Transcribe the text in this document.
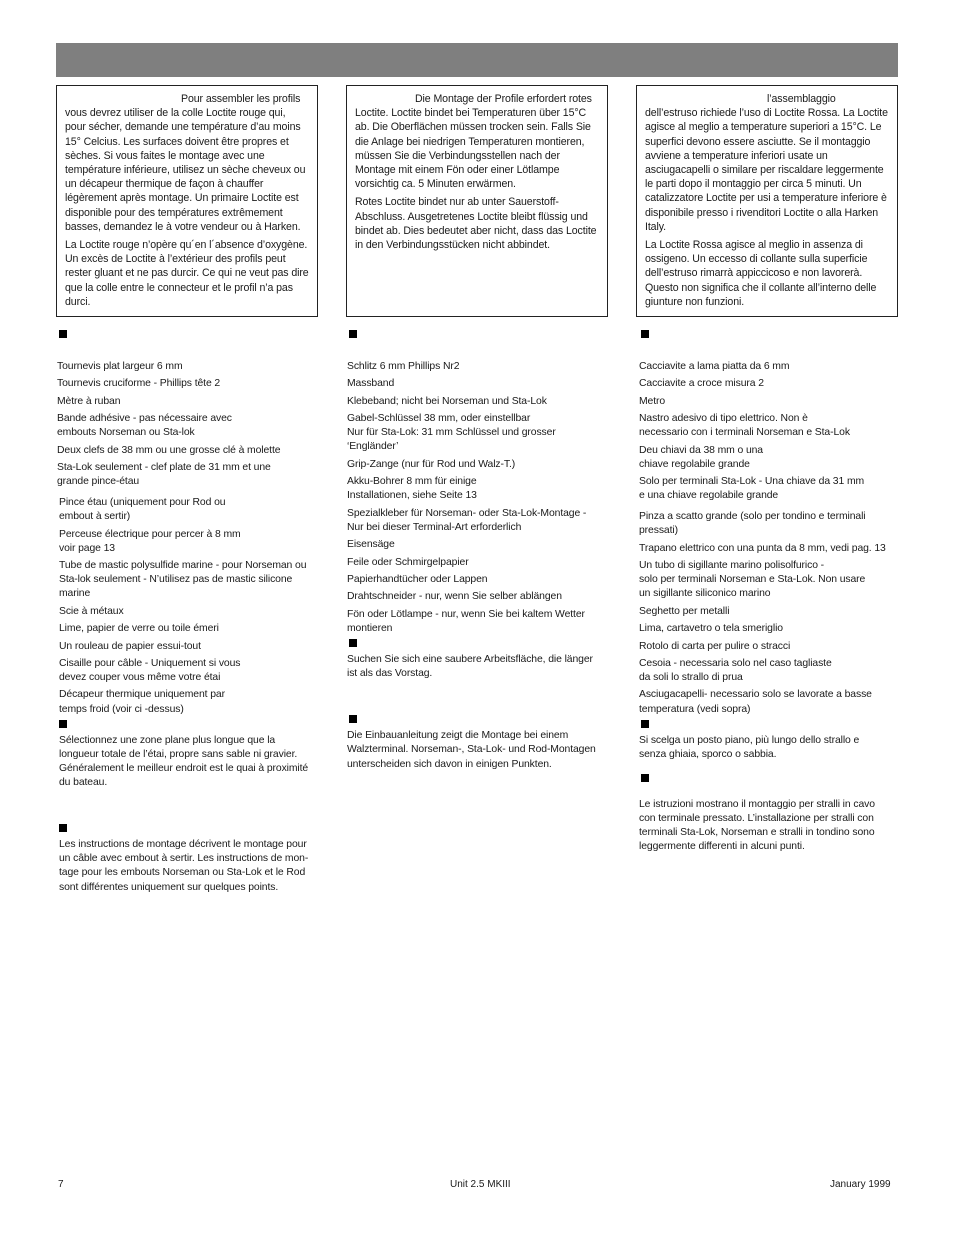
Pour assembler les profils vous devrez utiliser de la colle Loctite rouge qui, pour sécher, demande une température d’au moins 15° Celcius. Les surfaces doivent être propres et sèches. Si vous faites le montage avec une température inférieure, utilisez un sèche cheveux ou un décapeur thermique de façon à chauffer légèrement après montage. Un primaire Loctite est disponible pour des températures extrêmement basses, demandez le à votre vendeur ou à Harken.

La Loctite rouge n’opère qu´en l´absence d’oxygène. Un excès de Loctite à l’extérieur des profils peut rester gluant et ne pas durcir. Ce qui ne veut pas dire que la colle entre le connecteur et le profil n’a pas durci.

Die Montage der Profile erfordert rotes Loctite. Loctite bindet bei Temperaturen über 15°C ab. Die Oberflächen müssen trocken sein. Falls Sie die Anlage bei niedrigen Temperaturen montieren, müssen Sie die Verbindungsstellen nach der Montage mit einem Fön oder einer Lötlampe vorsichtig ca. 5 Minuten erwärmen.

Rotes Loctite bindet nur ab unter Sauerstoff-Abschluss. Ausgetretenes Loctite bleibt flüssig und bindet ab. Dies bedeutet aber nicht, dass das Loctite in den Verbindungsstücken nicht abbindet.

l’assemblaggio dell’estruso richiede l’uso di Loctite Rossa. La Loctite agisce al meglio a temperature superiori a 15°C. Le superfici devono essere asciutte. Se il montaggio avviene a temperature inferiori usate un asciugacapelli o similare per riscaldare leggermente le parti dopo il montaggio per circa 5 minuti. Un catalizzatore Loctite per usi a temperature inferiore è disponibile presso i rivenditori Loctite o alla Harken Italy.

La Loctite Rossa agisce al meglio in assenza di ossigeno. Un eccesso di collante sulla superficie dell’estruso rimarrà appiccicoso e non lavorerà. Questo non significa che il collante all’interno delle giunture non funzioni.

Tournevis plat largeur 6 mm
Tournevis cruciforme - Phillips tête 2
Mètre à ruban
Bande adhésive - pas nécessaire avec
embouts Norseman ou Sta-lok
Deux clefs de 38 mm ou une grosse clé à molette
Sta-Lok seulement - clef plate de 31 mm et une
grande pince-étau
Pince étau (uniquement pour Rod ou
embout à sertir)
Perceuse électrique pour percer à 8 mm
voir page 13
Tube de mastic polysulfide marine - pour Norseman ou
Sta-lok seulement - N’utilisez pas de mastic silicone
marine
Scie à métaux
Lime, papier de verre ou toile émeri
Un rouleau de papier essui-tout
Cisaille pour câble - Uniquement si vous
devez couper vous même votre étai
Décapeur thermique uniquement par
temps froid (voir ci -dessus)

Sélectionnez une zone plane plus longue que la
longueur totale de l’étai, propre sans sable ni gravier.
Généralement le meilleur endroit est le quai à proximité
du bateau.

Les instructions de montage décrivent le montage pour
un câble avec embout à sertir. Les instructions de mon-
tage pour les embouts Norseman ou Sta-Lok et le Rod
sont différentes uniquement sur quelques points.

Schlitz 6 mm Phillips Nr2
Massband
Klebeband; nicht bei Norseman und Sta-Lok
Gabel-Schlüssel 38 mm, oder einstellbar
Nur für Sta-Lok: 31 mm Schlüssel und grosser
‘Engländer’
Grip-Zange (nur für Rod und Walz-T.)
Akku-Bohrer 8 mm für einige
Installationen, siehe Seite 13
Spezialkleber für Norseman- oder Sta-Lok-Montage -
Nur bei dieser Terminal-Art erforderlich
Eisensäge
Feile oder Schmirgelpapier
Papierhandtücher oder Lappen
Drahtschneider - nur, wenn Sie selber ablängen
Fön oder Lötlampe - nur, wenn Sie bei kaltem Wetter
montieren

Suchen Sie sich eine saubere Arbeitsfläche, die länger
ist als das Vorstag.

Die Einbauanleitung zeigt die Montage bei einem
Walzterminal. Norseman-, Sta-Lok- und Rod-Montagen
unterscheiden sich davon in einigen Punkten.

Cacciavite a lama piatta da 6 mm
Cacciavite a croce misura 2
Metro
Nastro adesivo di tipo elettrico. Non è
necessario con i terminali Norseman e Sta-Lok
Deu chiavi da 38 mm o una
chiave regolabile grande
Solo per terminali Sta-Lok - Una chiave da 31 mm
e una chiave regolabile grande
Pinza a scatto grande (solo per tondino e terminali
pressati)
Trapano elettrico con una punta da 8 mm, vedi pag. 13
Un tubo di sigillante marino polisolfurico -
solo per terminali Norseman e Sta-Lok. Non usare
un sigillante siliconico marino
Seghetto per metalli
Lima, cartavetro o tela smeriglio
Rotolo di carta per pulire o stracci
Cesoia - necessaria solo nel caso tagliaste
da soli lo strallo di prua
Asciugacapelli- necessario solo se lavorate a basse
temperatura (vedi sopra)

Si scelga un posto piano, più lungo dello strallo e
senza ghiaia, sporco o sabbia.

Le istruzioni mostrano il montaggio per stralli in cavo
con terminale pressato. L’installazione per stralli con
terminali Sta-Lok, Norseman e stralli in tondino sono
leggermente differenti in alcuni punti.

7	Unit 2.5 MKIII	January 1999
